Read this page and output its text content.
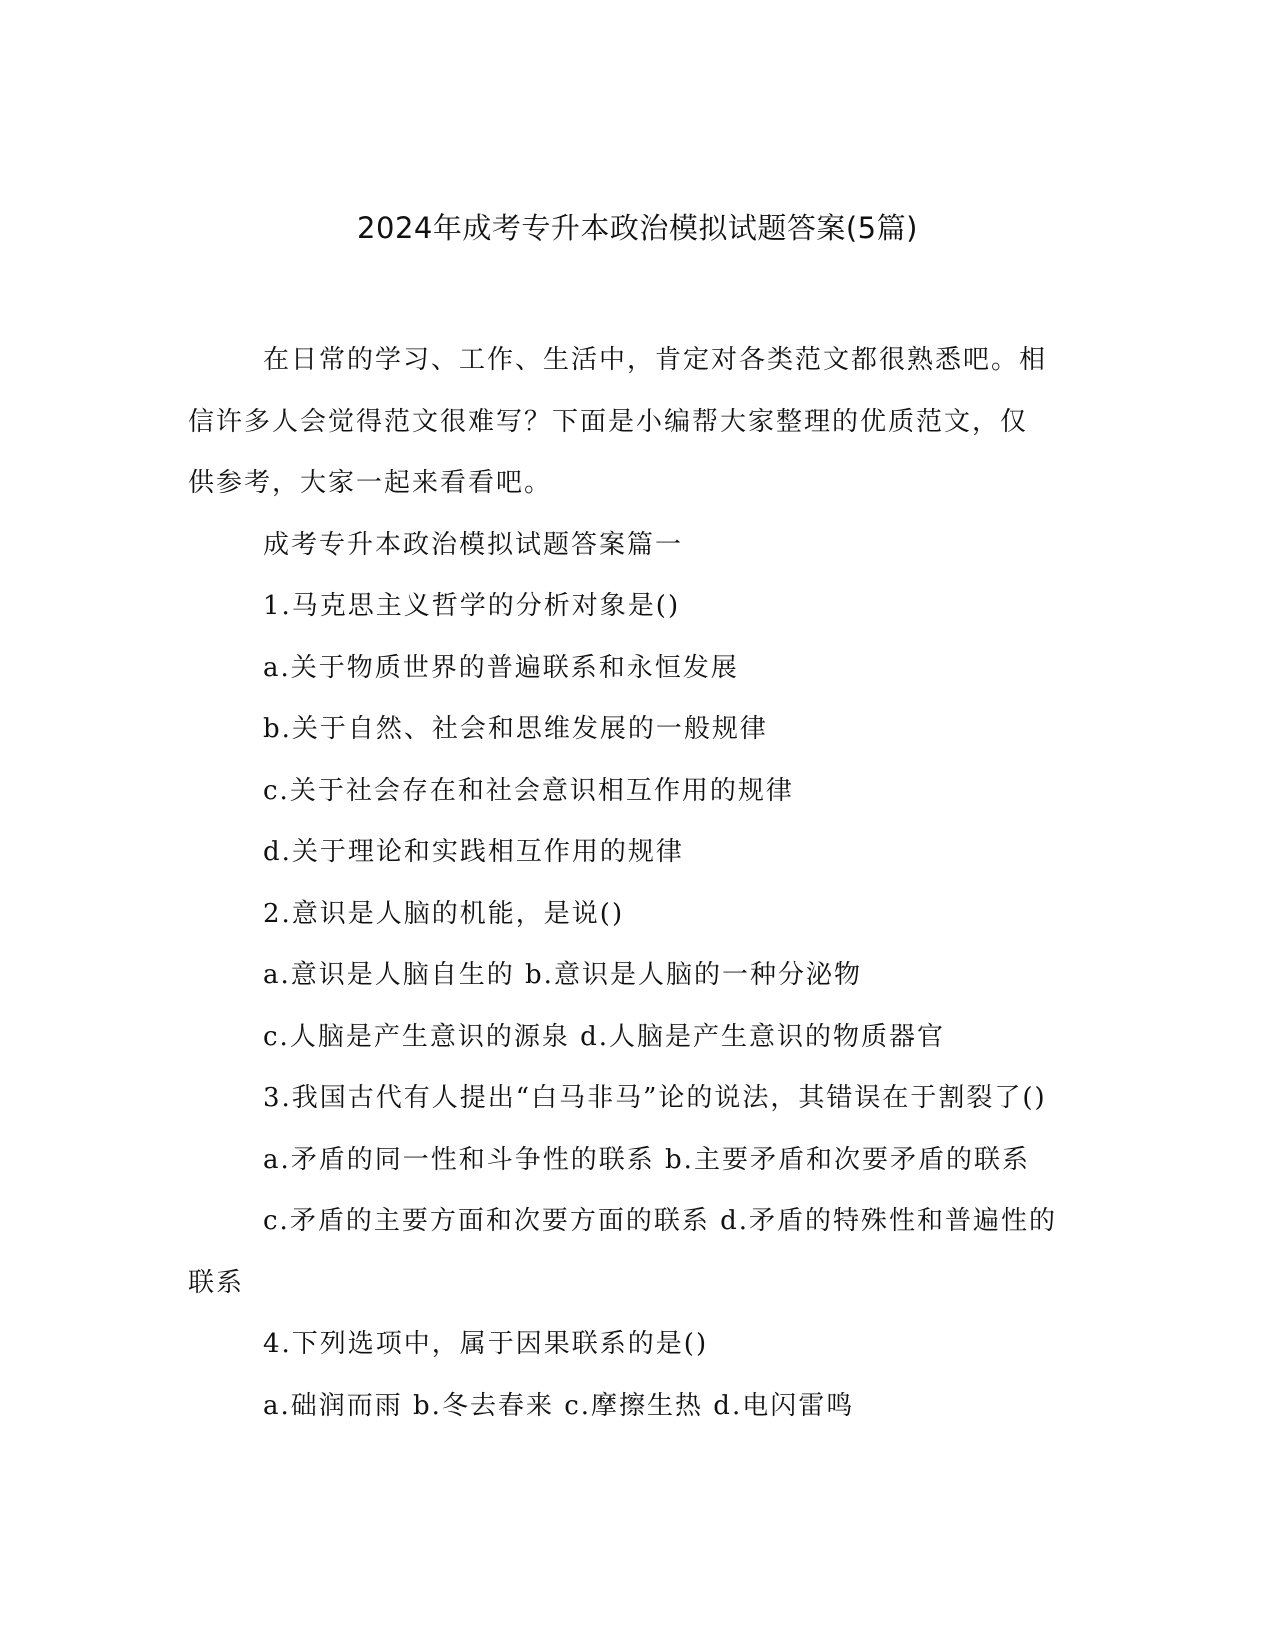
2024年成考专升本政治模拟试题答案(5篇)

在日常的学习、工作、生活中，肯定对各类范文都很熟悉吧。相
信许多人会觉得范文很难写？下面是小编帮大家整理的优质范文，仅
供参考，大家一起来看看吧。

成考专升本政治模拟试题答案篇一

1.马克思主义哲学的分析对象是()

a.关于物质世界的普遍联系和永恒发展

b.关于自然、社会和思维发展的一般规律

c.关于社会存在和社会意识相互作用的规律

d.关于理论和实践相互作用的规律

2.意识是人脑的机能，是说()

a.意识是人脑自生的 b.意识是人脑的一种分泌物

c.人脑是产生意识的源泉 d.人脑是产生意识的物质器官

3.我国古代有人提出“白马非马”论的说法，其错误在于割裂了()

a.矛盾的同一性和斗争性的联系 b.主要矛盾和次要矛盾的联系

c.矛盾的主要方面和次要方面的联系 d.矛盾的特殊性和普遍性的
联系

4.下列选项中，属于因果联系的是()

a.础润而雨 b.冬去春来 c.摩擦生热 d.电闪雷鸣
